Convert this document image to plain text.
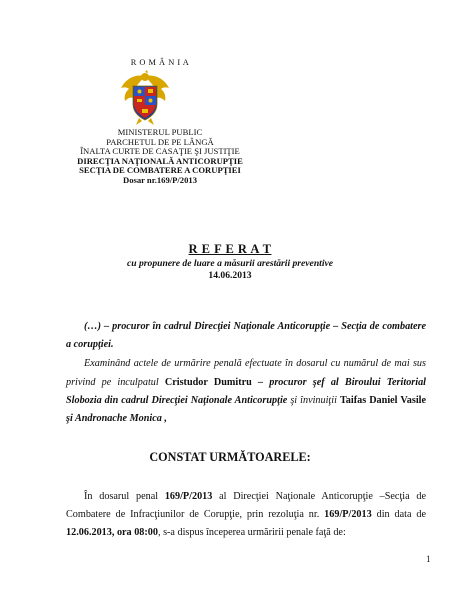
R O M Â N I A
MINISTERUL PUBLIC
PARCHETUL DE PE LÂNGĂ
ÎNALTA CURTE DE CASAŢIE ŞI JUSTIŢIE
DIRECŢIA NAŢIONALĂ ANTICORUPŢIE
SECŢIA DE COMBATERE A CORUPŢIEI
Dosar nr.169/P/2013
R E F E R A T
cu propunere de luare a măsurii arestării preventive
14.06.2013

(…) – procuror în cadrul Direcţiei Naţionale Anticorupţie – Secţia de combatere a corupţiei.

Examinând actele de urmărire penală efectuate în dosarul cu numărul de mai sus privind pe inculpatul Cristudor Dumitru – procuror şef al Biroului Teritorial Slobozia din cadrul Direcţiei Naţionale Anticorupţie şi învinuiţii Taifas Daniel Vasile şi Andronache Monica ,

CONSTAT URMĂTOARELE:

În dosarul penal 169/P/2013 al Direcţiei Naţionale Anticorupţie –Secţia de Combatere de Infracţiunilor de Corupţie, prin rezoluţia nr. 169/P/2013 din data de 12.06.2013, ora 08:00, s-a dispus începerea urmăririi penale faţă de:

1
